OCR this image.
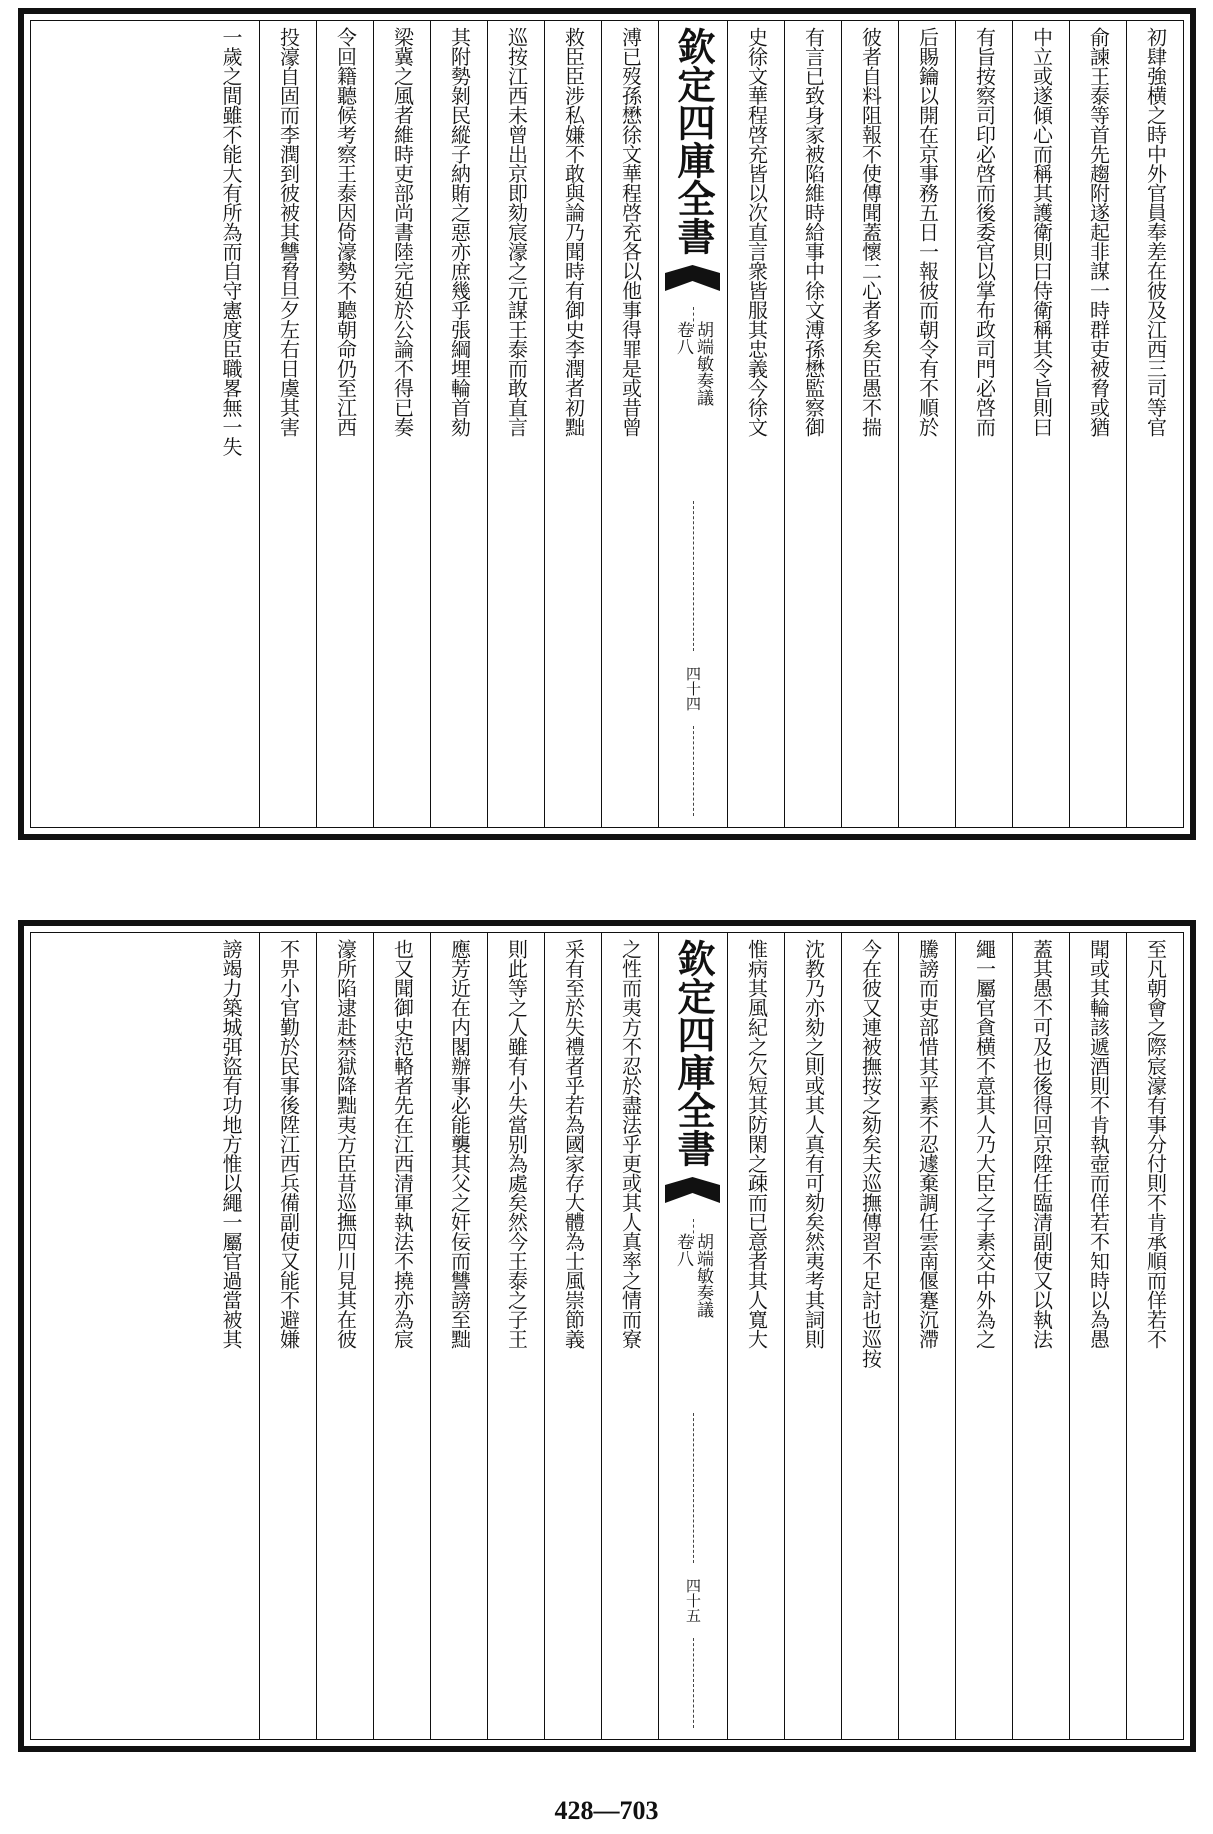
初肆強横之時中外官員奉差在彼及江西三司等官
俞諫王泰等首先趨附遂起非謀一時群吏被脅或猶
中立或遂傾心而稱其護衛則曰侍衛稱其令旨則曰
有旨按察司印必啓而後委官以掌布政司門必啓而
后賜鑰以開在京事務五日一報彼而朝令有不順於
彼者自料阻報不使傳聞蓋懷二心者多矣臣愚不揣
有言已致身家被陷維時給事中徐文溥孫懋監察御
史徐文華程啓充皆以次直言衆皆服其忠義今徐文
欽定四庫全書
胡端敏奏議
卷八
四十四
溥已歿孫懋徐文華程啓充各以他事得罪是或昔曾
救臣臣涉私嫌不敢與論乃聞時有御史李潤者初黜
巡按江西未曾出京即劾宸濠之元謀王泰而敢直言
其附勢剝民縱子納賄之惡亦庶幾乎張綱埋輪首劾
梁冀之風者維時吏部尚書陸完廹於公論不得已奏
令回籍聽候考察王泰因倚濠勢不聽朝命仍至江西
投濠自固而李潤到彼被其讐脅旦夕左右日虞其害
一歲之間雖不能大有所為而自守憲度臣職畧無一失
至凡朝會之際宸濠有事分付則不肯承順而佯若不
聞或其輪該遞酒則不肯執壺而佯若不知時以為愚
蓋其愚不可及也後得回京陞任臨清副使又以執法
繩一屬官貪横不意其人乃大臣之子素交中外為之
騰謗而吏部惜其平素不忍遽棄調任雲南偃蹇沉滯
今在彼又連被撫按之劾矣夫巡撫傳習不足討也巡按
沈教乃亦劾之則或其人真有可劾矣然夷考其詞則
惟病其風紀之欠短其防閑之疎而已意者其人寬大
欽定四庫全書
胡端敏奏議
卷八
四十五
之性而夷方不忍於盡法乎更或其人真率之情而寮
采有至於失禮者乎若為國家存大體為士風崇節義
則此等之人雖有小失當别為處矣然今王泰之子王
應芳近在内閣辦事必能襲其父之奸佞而讐謗至黜
也又聞御史范輅者先在江西清軍執法不撓亦為宸
濠所陷逮赴禁獄降黜夷方臣昔巡撫四川見其在彼
不畀小官勤於民事後陞江西兵備副使又能不避嫌
謗竭力築城弭盜有功地方惟以繩一屬官過當被其
428—703
